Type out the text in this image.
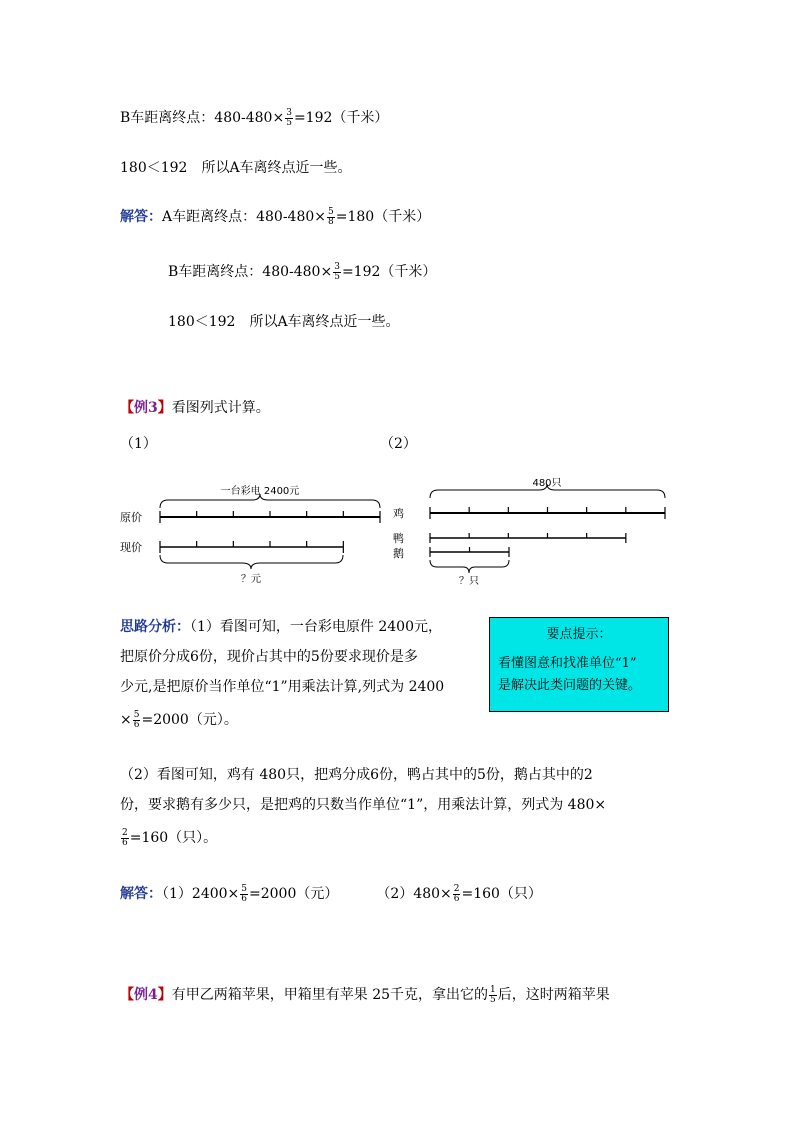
B车距离终点：$480-480\times \frac{3}{5} =192$（千米）
180＜192　所以A车离终点近一些。
解答：A车距离终点：$480-480\times \frac{5}{8} =180$（千米）
B车距离终点：$480-480\times \frac{3}{5} =192$（千米）
180＜192　所以A车离终点近一些。
【例3】看图列式计算。
（1）	（2）
一台彩电 2400元
原价
现价
？元
480只
鸡
鸭
鹅
？只
思路分析：（1）看图可知，一台彩电原件 2400元，
把原价分成6份，现价占其中的5份要求现价是多
少元,是把原价当作单位“1”用乘法计算,列式为 2400
× $\frac{5}{6} =2000$（元）。
要点提示：
看懂图意和找准单位“1”
是解决此类问题的关键。
（2）看图可知，鸡有 480只，把鸡分成6份，鸭占其中的5份，鹅占其中的2
份，要求鹅有多少只，是把鸡的只数当作单位“1”，用乘法计算，列式为 480×
$\frac{2}{6} =160$（只）。
解答：$(1)2400\times \frac{5}{6} =2000$（元）	$(2)480\times \frac{2}{6} =160$（只）
【例4】有甲乙两箱苹果，甲箱里有苹果 25千克，拿出它的 $\frac{1}{5}$ 后，这时两箱苹果
